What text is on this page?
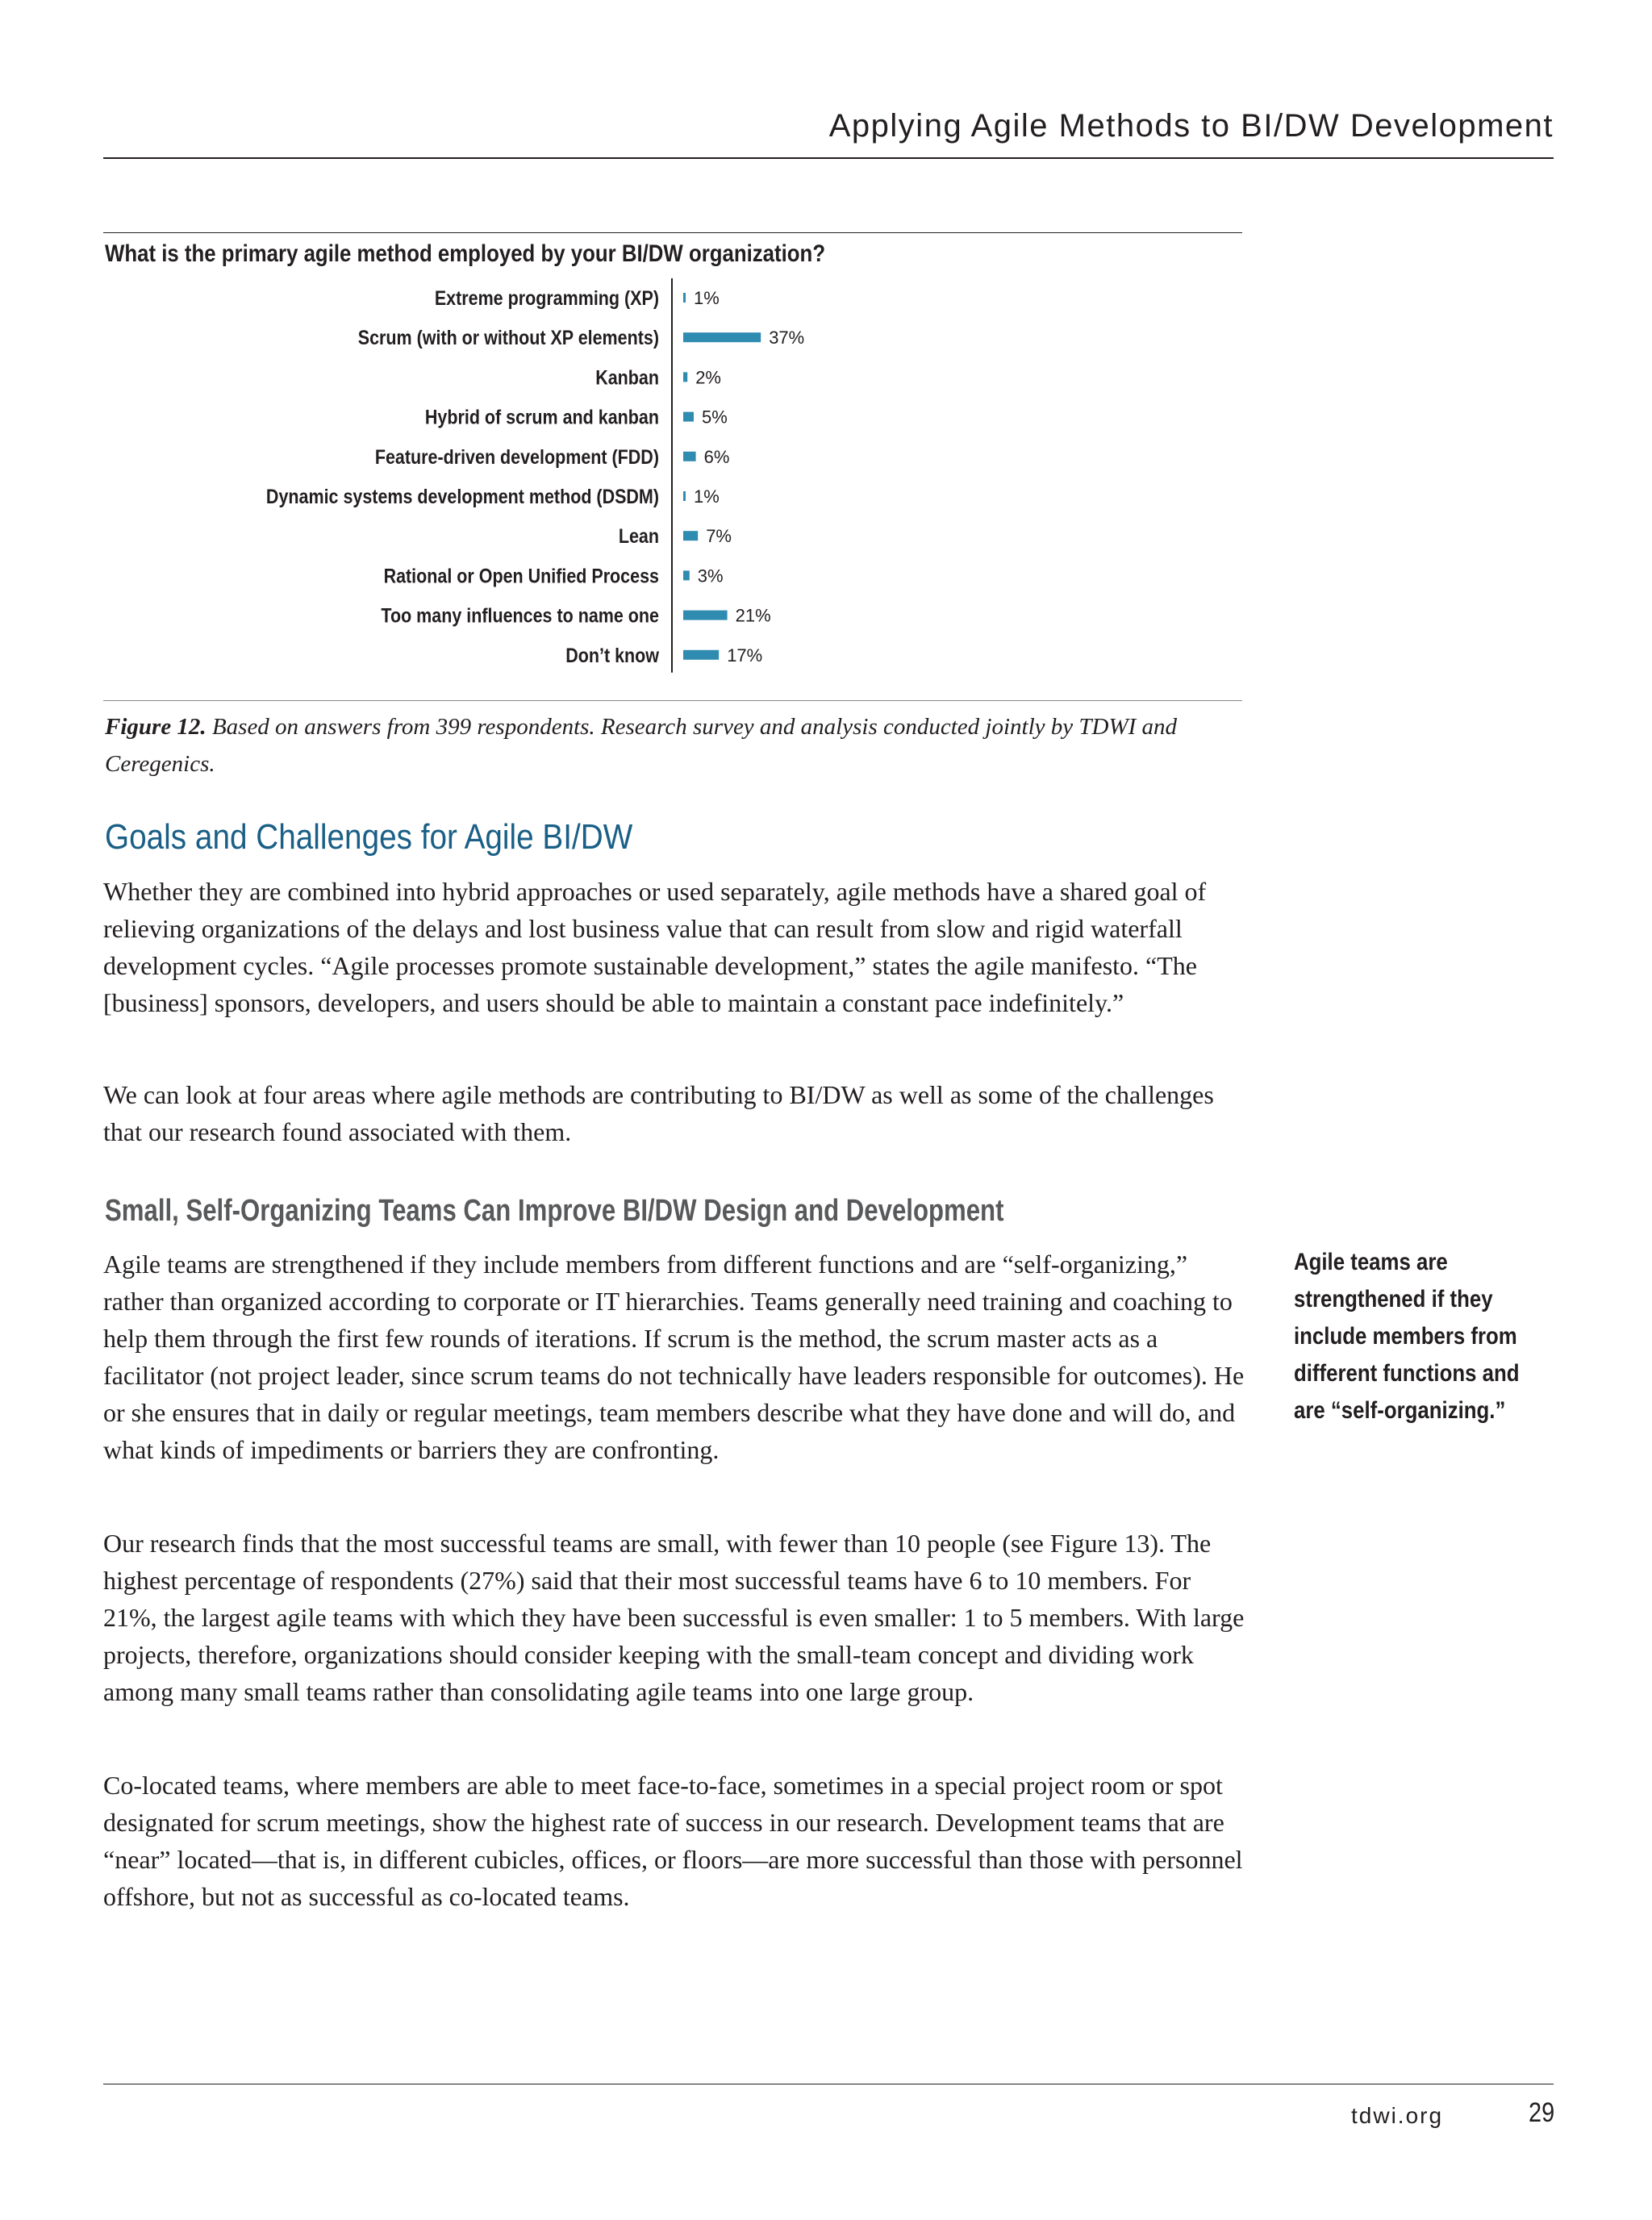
Applying Agile Methods to BI/DW Development
What is the primary agile method employed by your BI/DW organization?
Extreme programming (XP)
Scrum (with or without XP elements)
Kanban
Hybrid of scrum and kanban
Feature-driven development (FDD)
Dynamic systems development method (DSDM)
Lean
Rational or Open Unified Process
Too many influences to name one
Don’t know
1%
37%
2%
5%
6%
1%
7%
3%
21%
17%
Figure 12. Based on answers from 399 respondents. Research survey and analysis conducted jointly by TDWI and Ceregenics.
Goals and Challenges for Agile BI/DW

Whether they are combined into hybrid approaches or used separately, agile methods have a shared goal of relieving organizations of the delays and lost business value that can result from slow and rigid waterfall development cycles. “Agile processes promote sustainable development,” states the agile manifesto. “The [business] sponsors, developers, and users should be able to maintain a constant pace indefinitely.”

We can look at four areas where agile methods are contributing to BI/DW as well as some of the challenges that our research found associated with them.

Small, Self-Organizing Teams Can Improve BI/DW Design and Development

Agile teams are strengthened if they include members from different functions and are “self-organizing,” rather than organized according to corporate or IT hierarchies. Teams generally need training and coaching to help them through the first few rounds of iterations. If scrum is the method, the scrum master acts as a facilitator (not project leader, since scrum teams do not technically have leaders responsible for outcomes). He or she ensures that in daily or regular meetings, team members describe what they have done and will do, and what kinds of impediments or barriers they are confronting.

Our research finds that the most successful teams are small, with fewer than 10 people (see Figure 13). The highest percentage of respondents (27%) said that their most successful teams have 6 to 10 members. For 21%, the largest agile teams with which they have been successful is even smaller: 1 to 5 members. With large projects, therefore, organizations should consider keeping with the small-team concept and dividing work among many small teams rather than consolidating agile teams into one large group.

Co-located teams, where members are able to meet face-to-face, sometimes in a special project room or spot designated for scrum meetings, show the highest rate of success in our research. Development teams that are “near” located—that is, in different cubicles, offices, or floors—are more successful than those with personnel offshore, but not as successful as co-located teams.

Agile teams are strengthened if they include members from different functions and are “self-organizing.”
tdwi.org	29
